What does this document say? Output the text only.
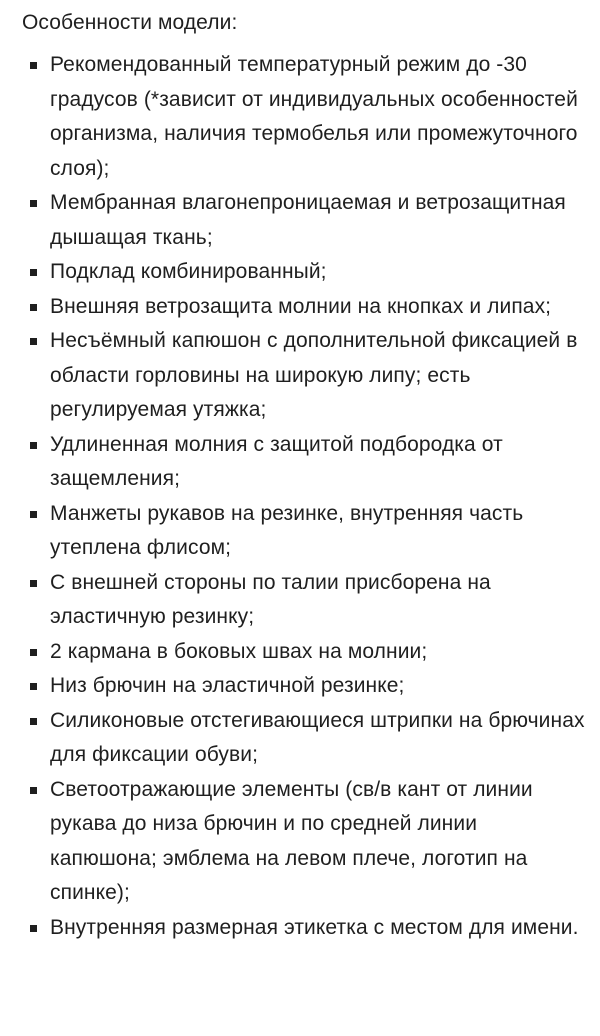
Особенности модели:
Рекомендованный температурный режим до -30 градусов (*зависит от индивидуальных особенностей организма, наличия термобелья или промежуточного слоя);
Мембранная влагонепроницаемая и ветрозащитная дышащая ткань;
Подклад комбинированный;
Внешняя ветрозащита молнии на кнопках и липах;
Несъёмный капюшон с дополнительной фиксацией в области горловины на широкую липу; есть регулируемая утяжка;
Удлиненная молния с защитой подбородка от защемления;
Манжеты рукавов на резинке, внутренняя часть утеплена флисом;
С внешней стороны по талии присборена на эластичную резинку;
2 кармана в боковых швах на молнии;
Низ брючин на эластичной резинке;
Силиконовые отстегивающиеся штрипки на брючинах для фиксации обуви;
Светоотражающие элементы (св/в кант от линии рукава до низа брючин и по средней линии капюшона; эмблема на левом плече, логотип на спинке);
Внутренняя размерная этикетка с местом для имени.
